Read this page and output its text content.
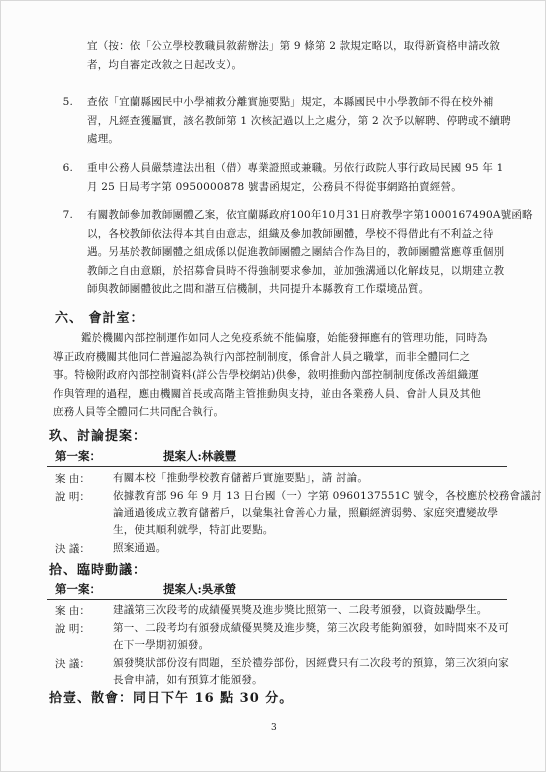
宜（按：依「公立學校教職員敘薪辦法」第 9 條第 2 款規定略以，取得新資格申請改敘
者，均自審定改敘之日起改支）。
5. 查依「宜蘭縣國民中小學補救分離實施要點」規定，本縣國民中小學教師不得在校外補
習，凡經查獲屬實，該名教師第 1 次核記過以上之處分，第 2 次予以解聘、停聘或不續聘
處理。
6. 重申公務人員嚴禁違法出租（借）專業證照或兼職。另依行政院人事行政局民國 95 年 1
月 25 日局考字第 0950000878 號書函規定，公務員不得從事網路拍賣經營。
7. 有關教師參加教師團體乙案，依宜蘭縣政府100年10月31日府教學字第1000167490A號函略
以，各校教師依法得本其自由意志，組織及參加教師團體，學校不得借此有不利益之待
遇。另基於教師團體之組成係以促進教師團體之團結合作為目的，教師團體當應尊重個別
教師之自由意願，於招募會員時不得強制要求參加，並加強溝通以化解歧見，以期建立教
師與教師團體彼此之間和諧互信機制，共同提升本縣教育工作環境品質。
六、 會計室：
鑑於機關內部控制運作如同人之免疫系統不能偏廢，始能發揮應有的管理功能，同時為
導正政府機關其他同仁普遍認為執行內部控制制度，係會計人員之職掌，而非全體同仁之
事。特檢附政府內部控制資料(詳公告學校網站)供參，敘明推動內部控制制度係改善組織運
作與管理的過程，應由機關首長或高階主管推動與支持，並由各業務人員、會計人員及其他
庶務人員等全體同仁共同配合執行。
玖、討論提案：
第一案：	提案人:林義豐
案 由： 有關本校「推動學校教育儲蓄戶實施要點」，請 討論。
說 明： 依據教育部 96 年 9 月 13 日台國（一）字第 0960137551C 號令，各校應於校務會議討
論通過後成立教育儲蓄戶，以彙集社會善心力量，照顧經濟弱勢、家庭突遭變故學
生，使其順利就學，特訂此要點。
決 議： 照案通過。
拾、臨時動議：
第一案：	提案人:吳承螢
案 由： 建議第三次段考的成績優異獎及進步獎比照第一、二段考頒發，以資鼓勵學生。
說 明： 第一、二段考均有頒發成績優異獎及進步獎，第三次段考能夠頒發，如時間來不及可
在下一學期初頒發。
決 議： 頒發獎狀部份沒有問題，至於禮券部份，因經費只有二次段考的預算，第三次須向家
長會申請，如有預算才能頒發。
拾壹、散會：同日下午 16 點 30 分。
3
